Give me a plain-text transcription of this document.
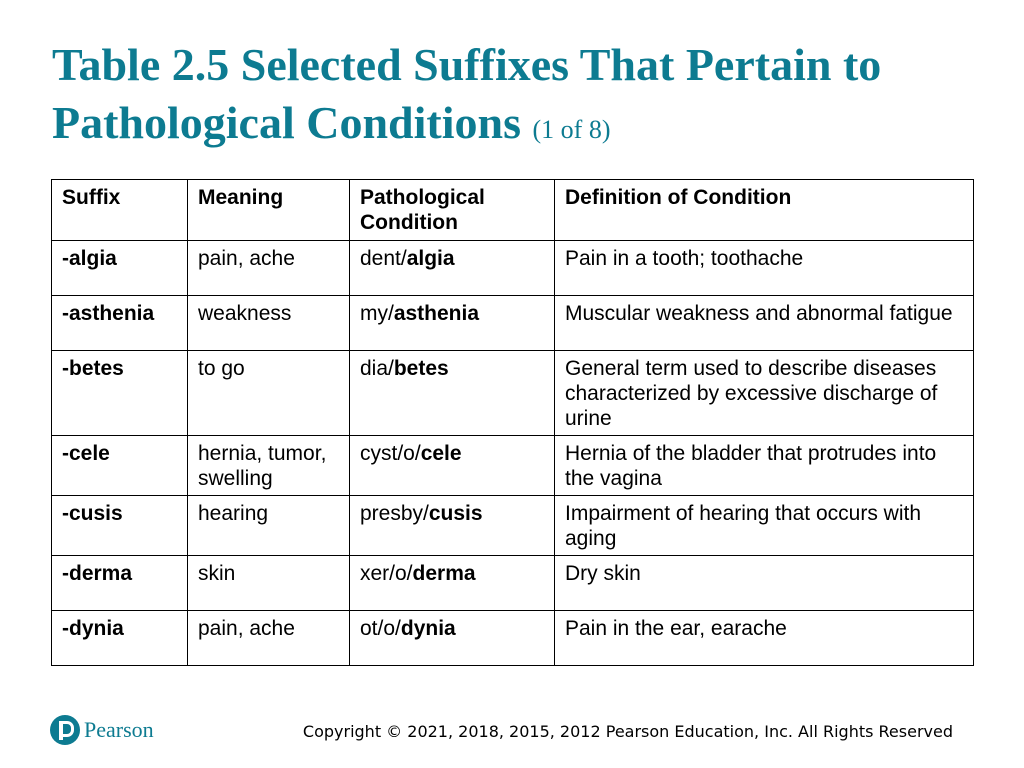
Table 2.5 Selected Suffixes That Pertain to Pathological Conditions (1 of 8)
Suffix	Meaning	Pathological Condition	Definition of Condition
-algia	pain, ache	dent/algia	Pain in a tooth; toothache
-asthenia	weakness	my/asthenia	Muscular weakness and abnormal fatigue
-betes	to go	dia/betes	General term used to describe diseases characterized by excessive discharge of urine
-cele	hernia, tumor, swelling	cyst/o/cele	Hernia of the bladder that protrudes into the vagina
-cusis	hearing	presby/cusis	Impairment of hearing that occurs with aging
-derma	skin	xer/o/derma	Dry skin
-dynia	pain, ache	ot/o/dynia	Pain in the ear, earache
Pearson	Copyright © 2021, 2018, 2015, 2012 Pearson Education, Inc. All Rights Reserved
